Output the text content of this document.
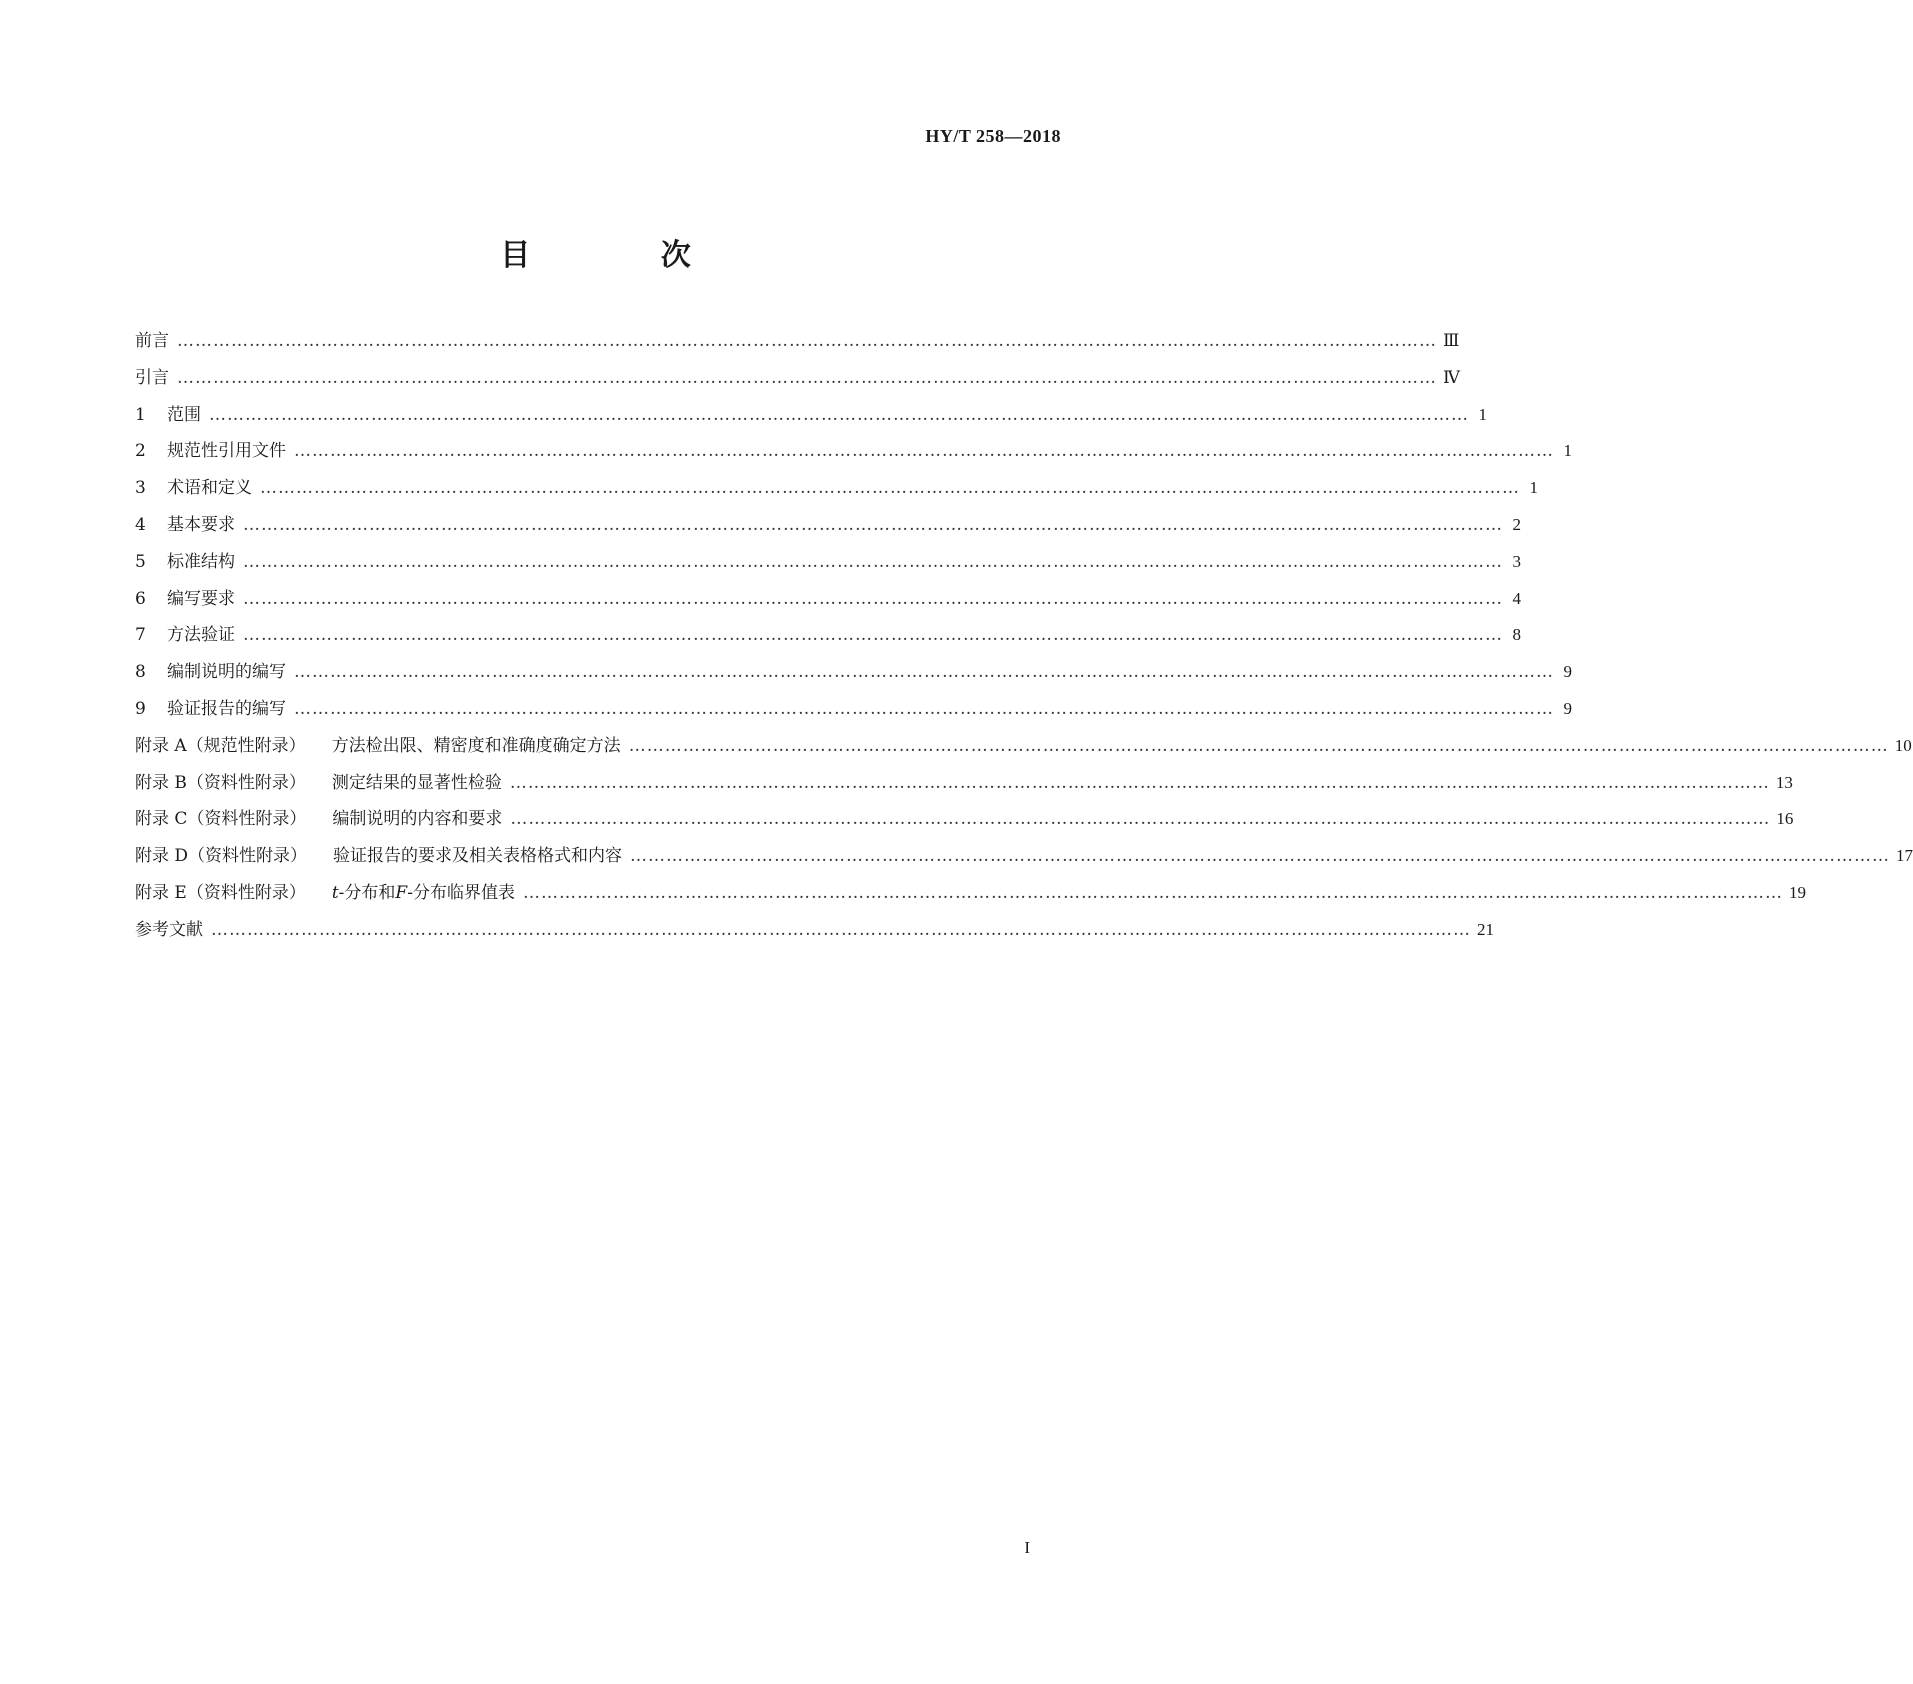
HY/T 258—2018
目 次
前言 ………………………………………………………………………………………………………………………………………………………………………………………… Ⅲ
引言 ………………………………………………………………………………………………………………………………………………………………………………………… Ⅳ
1 范围 ………………………………………………………………………………………………………………………………………………………………………………………… 1
2 规范性引用文件 ………………………………………………………………………………………………………………………………………………………………………………………… 1
3 术语和定义 ………………………………………………………………………………………………………………………………………………………………………………………… 1
4 基本要求 ………………………………………………………………………………………………………………………………………………………………………………………… 2
5 标准结构 ………………………………………………………………………………………………………………………………………………………………………………………… 3
6 编写要求 ………………………………………………………………………………………………………………………………………………………………………………………… 4
7 方法验证 ………………………………………………………………………………………………………………………………………………………………………………………… 8
8 编制说明的编写 ………………………………………………………………………………………………………………………………………………………………………………………… 9
9 验证报告的编写 ………………………………………………………………………………………………………………………………………………………………………………………… 9
附录 A（规范性附录） 方法检出限、精密度和准确度确定方法 ………………………………………………………………………………………………………………………………………………………………………………………… 10
附录 B（资料性附录） 测定结果的显著性检验 ………………………………………………………………………………………………………………………………………………………………………………………… 13
附录 C（资料性附录） 编制说明的内容和要求 ………………………………………………………………………………………………………………………………………………………………………………………… 16
附录 D（资料性附录） 验证报告的要求及相关表格格式和内容 ………………………………………………………………………………………………………………………………………………………………………………………… 17
附录 E（资料性附录） t-分布和F-分布临界值表 ………………………………………………………………………………………………………………………………………………………………………………………… 19
参考文献 ………………………………………………………………………………………………………………………………………………………………………………………… 21
I
